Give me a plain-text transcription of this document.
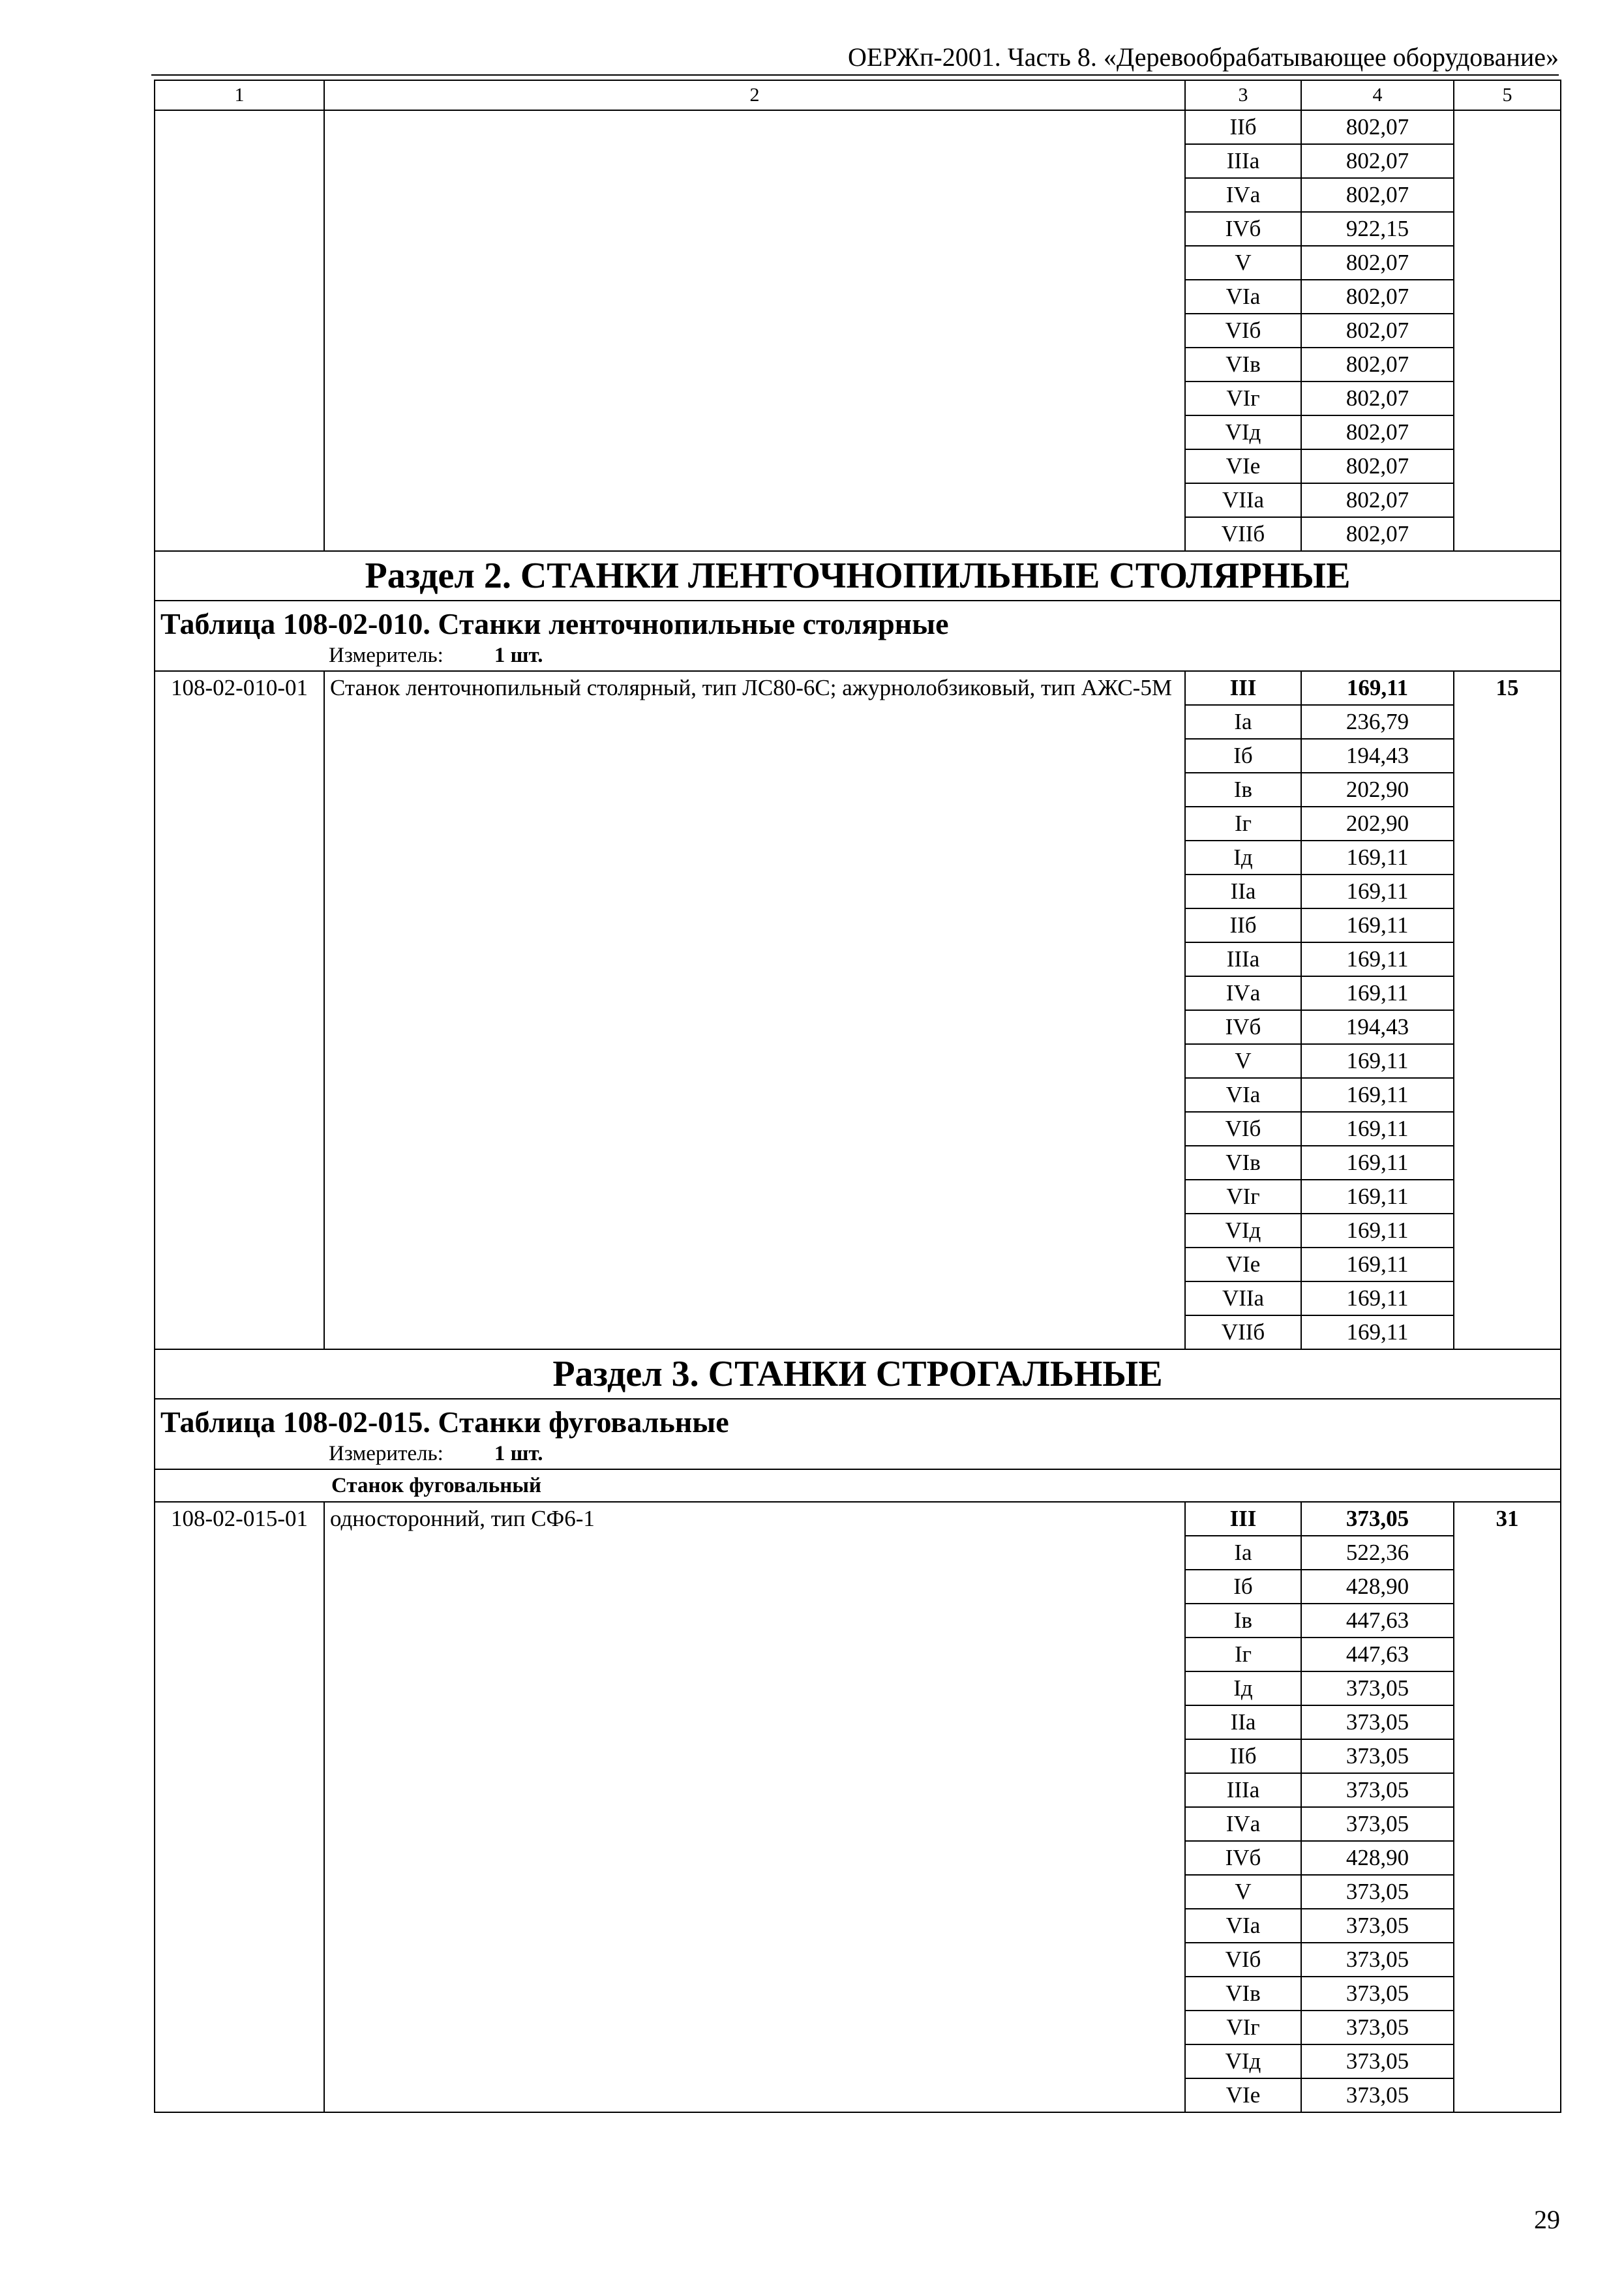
ОЕРЖп-2001. Часть 8. «Деревообрабатывающее оборудование»
1	2	3	4	5
		IIб	802,07	
		IIIа	802,07	
		IVа	802,07	
		IVб	922,15	
		V	802,07	
		VIа	802,07	
		VIб	802,07	
		VIв	802,07	
		VIг	802,07	
		VIд	802,07	
		VIе	802,07	
		VIIа	802,07	
		VIIб	802,07	
Раздел 2. СТАНКИ ЛЕНТОЧНОПИЛЬНЫЕ СТОЛЯРНЫЕ				

Таблица 108-02-010. Станки ленточнопильные столярные
Измеритель: 1 шт.				

108-02-010-01	Станок ленточнопильный столярный, тип ЛС80-6С; ажурнолобзиковый, тип АЖС-5М	III	169,11	15
		Iа	236,79	
		Iб	194,43	
		Iв	202,90	
		Iг	202,90	
		Iд	169,11	
		IIа	169,11	
		IIб	169,11	
		IIIа	169,11	
		IVа	169,11	
		IVб	194,43	
		V	169,11	
		VIа	169,11	
		VIб	169,11	
		VIв	169,11	
		VIг	169,11	
		VIд	169,11	
		VIе	169,11	
		VIIа	169,11	
		VIIб	169,11	
Раздел 3. СТАНКИ СТРОГАЛЬНЫЕ				

Таблица 108-02-015. Станки фуговальные
Измеритель: 1 шт.				

Станок фуговальный				
108-02-015-01	односторонний, тип СФ6-1	III	373,05	31
		Iа	522,36	
		Iб	428,90	
		Iв	447,63	
		Iг	447,63	
		Iд	373,05	
		IIа	373,05	
		IIб	373,05	
		IIIа	373,05	
		IVа	373,05	
		IVб	428,90	
		V	373,05	
		VIа	373,05	
		VIб	373,05	
		VIв	373,05	
		VIг	373,05	
		VIд	373,05	
		VIе	373,05	
29
